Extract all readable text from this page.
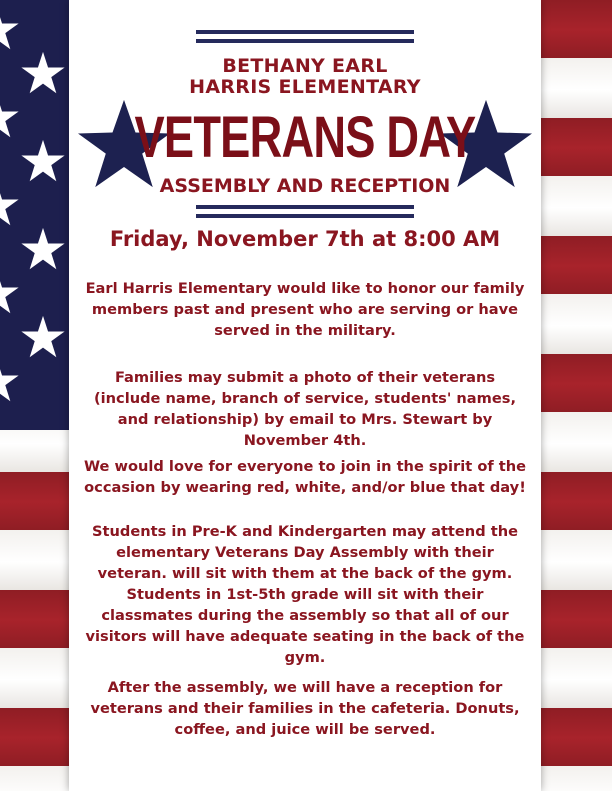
BETHANY EARL
HARRIS ELEMENTARY
VETERANS DAY
ASSEMBLY AND RECEPTION
Friday, November 7th at 8:00 AM
Earl Harris Elementary would like to honor our family members past and present who are serving or have served in the military.
Families may submit a photo of their veterans (include name, branch of service, students' names, and relationship) by email to Mrs. Stewart by November 4th.
We would love for everyone to join in the spirit of the occasion by wearing red, white, and/or blue that day!
Students in Pre-K and Kindergarten may attend the elementary Veterans Day Assembly with their veteran. will sit with them at the back of the gym. Students in 1st-5th grade will sit with their classmates during the assembly so that all of our visitors will have adequate seating in the back of the gym.
After the assembly, we will have a reception for veterans and their families in the cafeteria. Donuts, coffee, and juice will be served.
